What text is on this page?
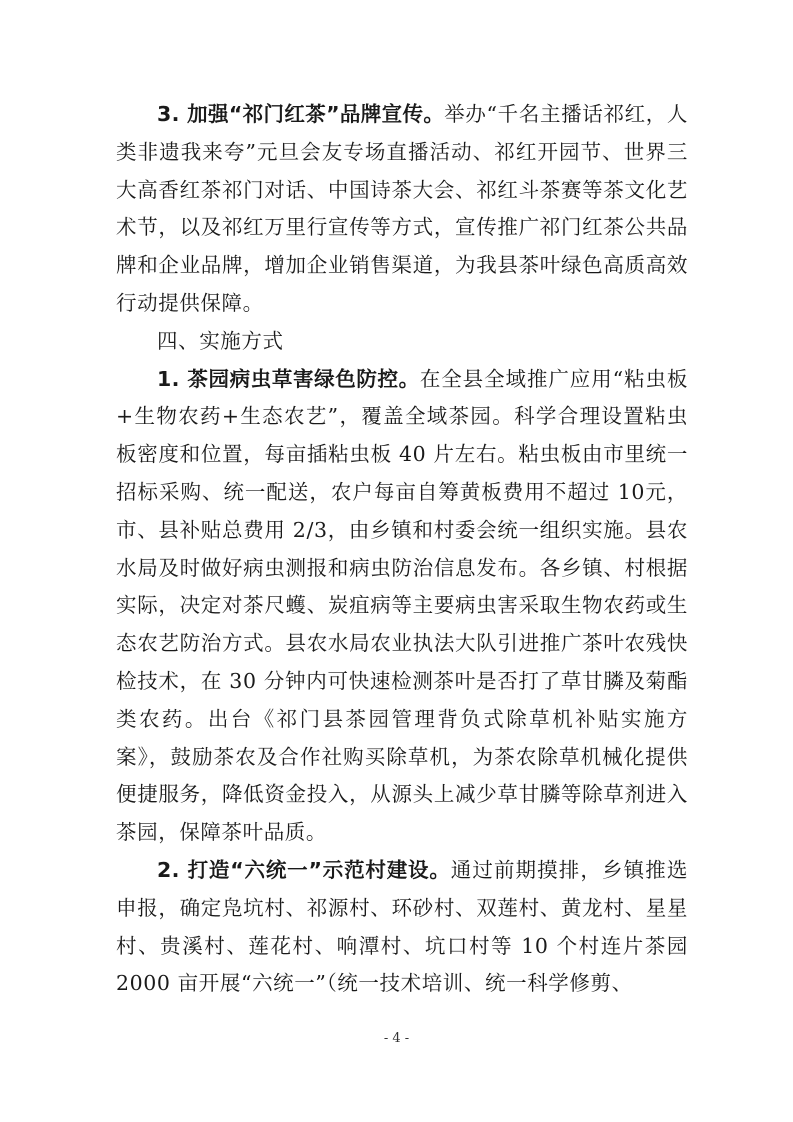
3. 加强“祁门红茶”品牌宣传。举办“千名主播话祁红，人类非遗我来夸”元旦会友专场直播活动、祁红开园节、世界三大高香红茶祁门对话、中国诗茶大会、祁红斗茶赛等茶文化艺术节，以及祁红万里行宣传等方式，宣传推广祁门红茶公共品牌和企业品牌，增加企业销售渠道，为我县茶叶绿色高质高效行动提供保障。

四、实施方式

1. 茶园病虫草害绿色防控。在全县全域推广应用“粘虫板+生物农药+生态农艺”，覆盖全域茶园。科学合理设置粘虫板密度和位置，每亩插粘虫板 40 片左右。粘虫板由市里统一招标采购、统一配送，农户每亩自筹黄板费用不超过 10元，市、县补贴总费用 2/3，由乡镇和村委会统一组织实施。县农水局及时做好病虫测报和病虫防治信息发布。各乡镇、村根据实际，决定对茶尺蠖、炭疽病等主要病虫害采取生物农药或生态农艺防治方式。县农水局农业执法大队引进推广茶叶农残快检技术，在 30 分钟内可快速检测茶叶是否打了草甘膦及菊酯类农药。出台《祁门县茶园管理背负式除草机补贴实施方案》，鼓励茶农及合作社购买除草机，为茶农除草机械化提供便捷服务，降低资金投入，从源头上减少草甘膦等除草剂进入茶园，保障茶叶品质。

2. 打造“六统一”示范村建设。通过前期摸排，乡镇推选申报，确定凫坑村、祁源村、环砂村、双莲村、黄龙村、星星村、贵溪村、莲花村、响潭村、坑口村等 10 个村连片茶园 2000 亩开展“六统一”（统一技术培训、统一科学修剪、

- 4 -
